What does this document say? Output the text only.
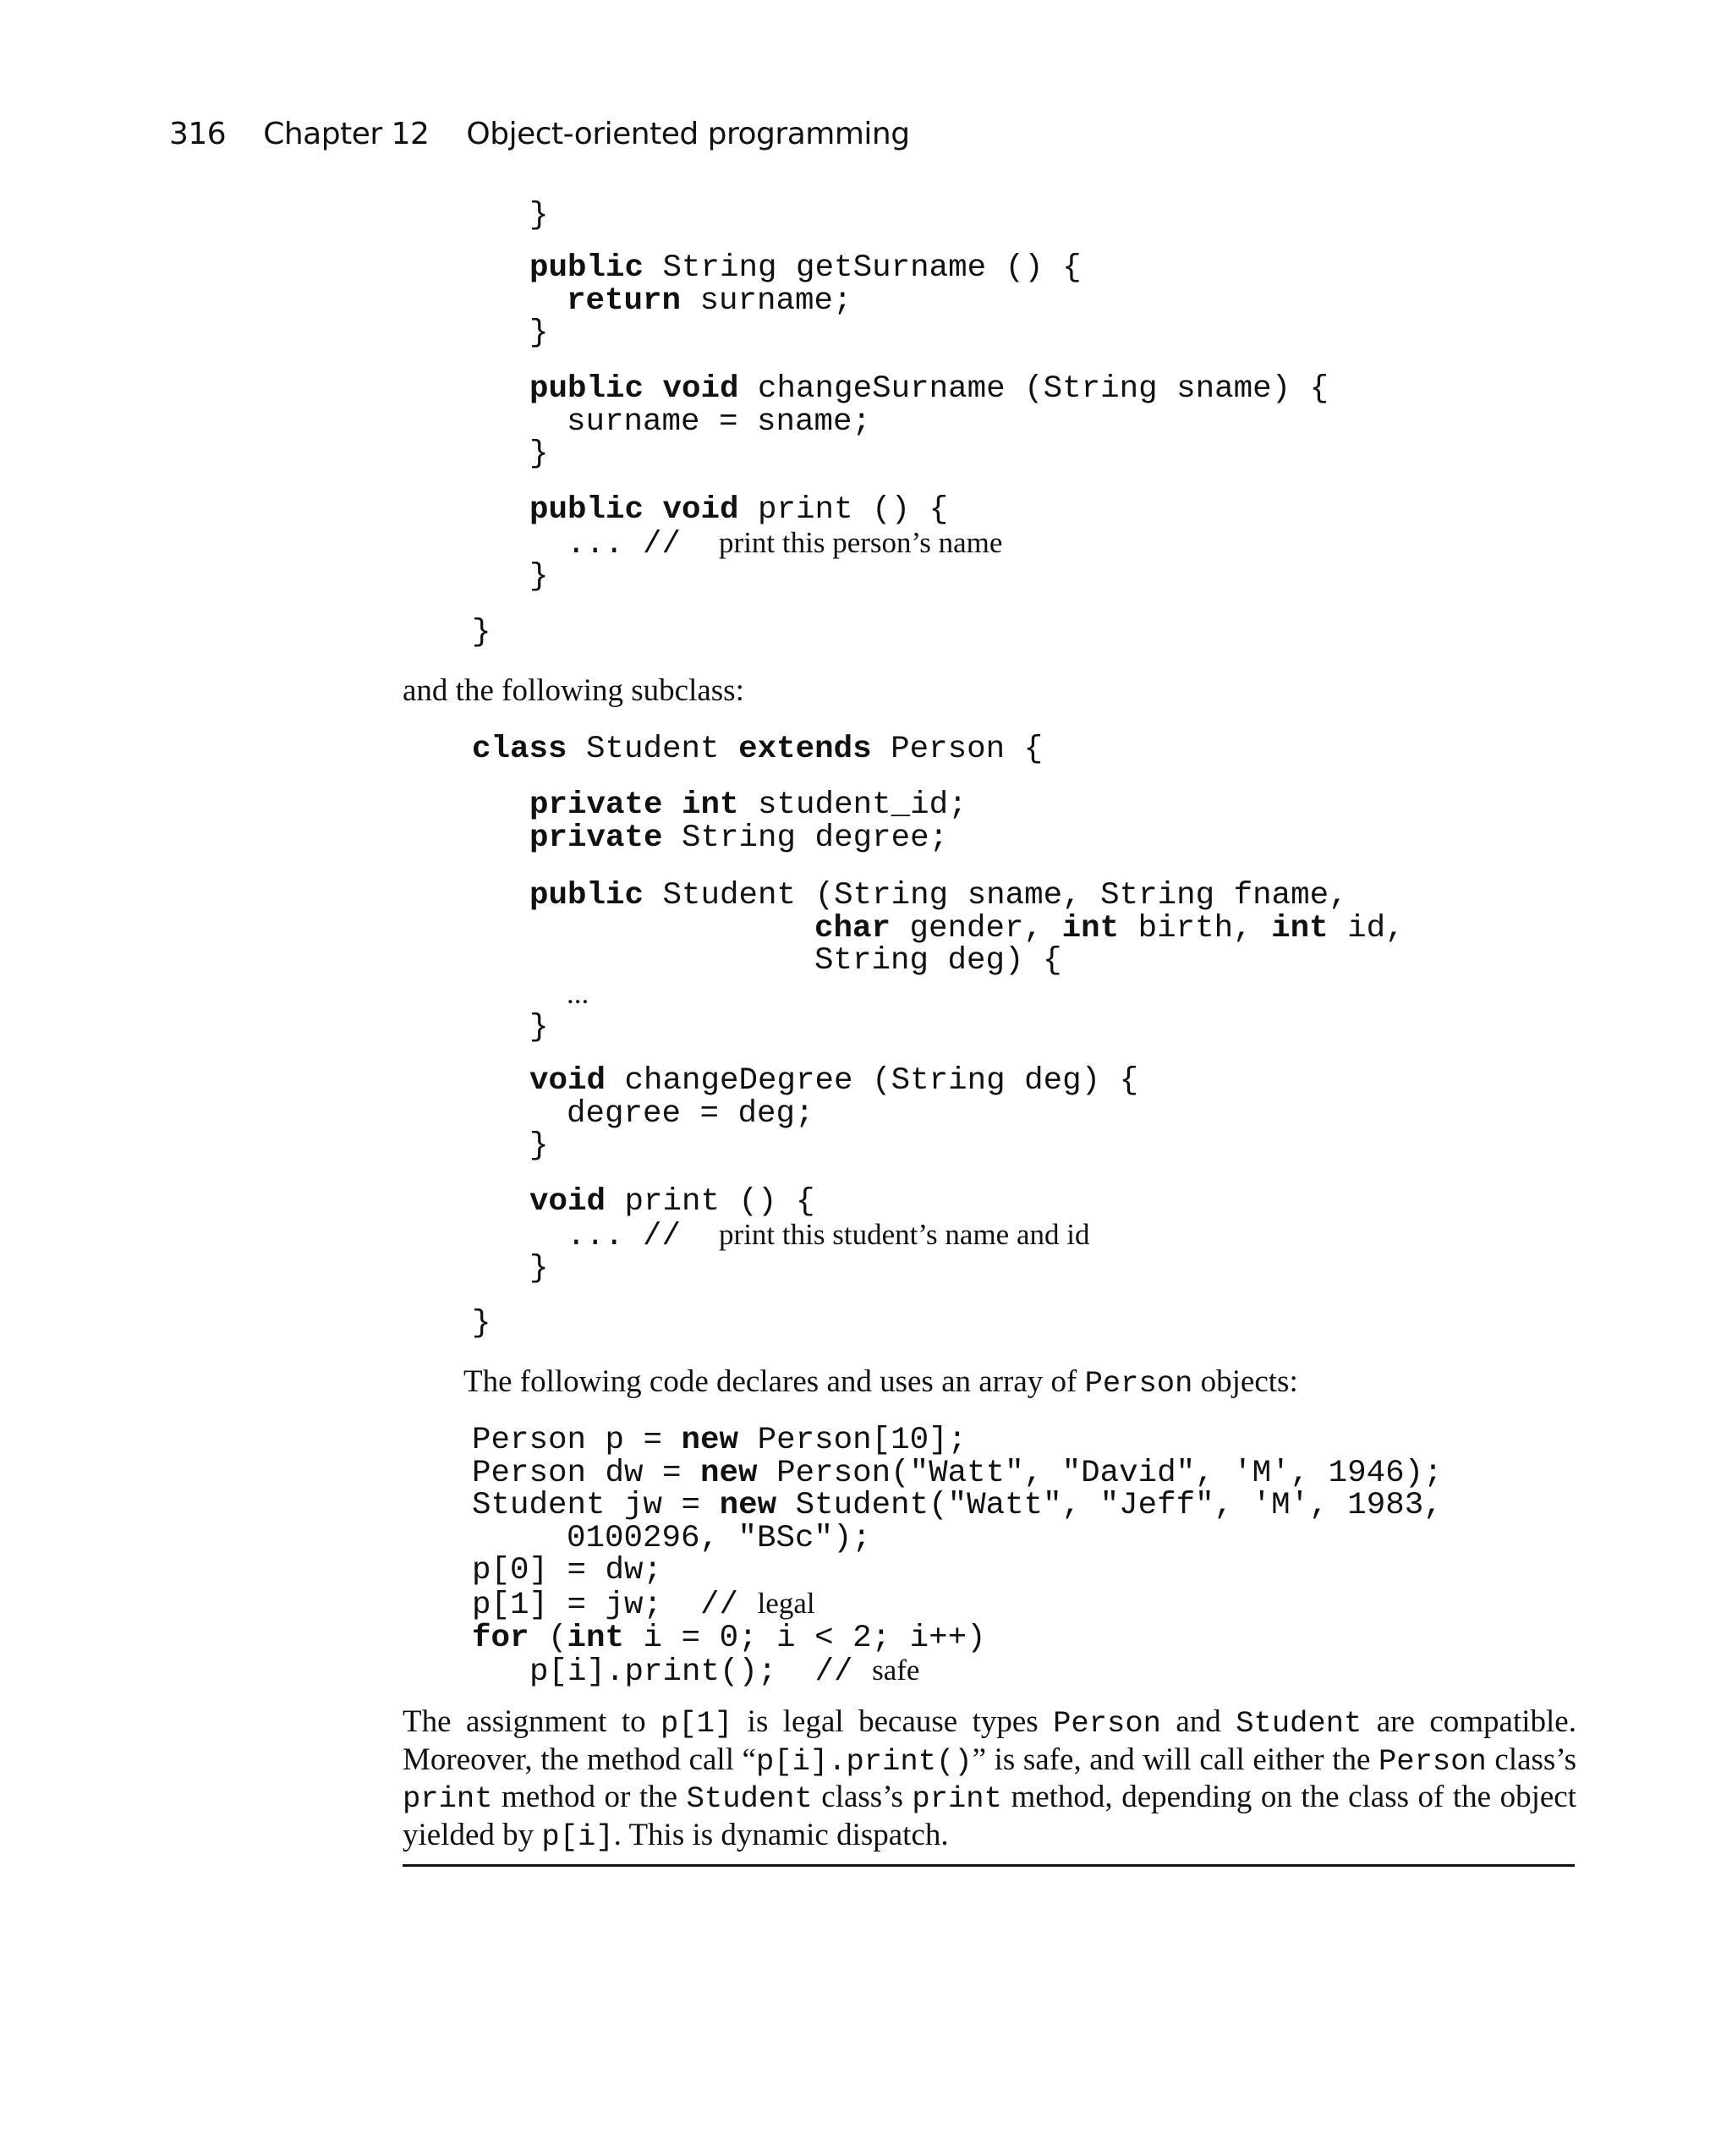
316 Chapter 12 Object-oriented programming
}
public String getSurname () {
return surname;
}
public void changeSurname (String sname) {
surname = sname;
}
public void print () {
... // print this person’s name
}
}

and the following subclass:

class Student extends Person {
private int student_id;
private String degree;
public Student (String sname, String fname,
char gender, int birth, int id,
String deg) {
...
}
void changeDegree (String deg) {
degree = deg;
}
void print () {
... // print this student’s name and id
}
}

The following code declares and uses an array of Person objects:

Person p = new Person[10];
Person dw = new Person("Watt", "David", 'M', 1946);
Student jw = new Student("Watt", "Jeff", 'M', 1983,
0100296, "BSc");
p[0] = dw;
p[1] = jw;  // legal
for (int i = 0; i < 2; i++)
p[i].print();  // safe

The assignment to p[1] is legal because types Person and Student are compatible. Moreover, the method call “p[i].print()” is safe, and will call either the Person class’s print method or the Student class’s print method, depending on the class of the object yielded by p[i]. This is dynamic dispatch.
